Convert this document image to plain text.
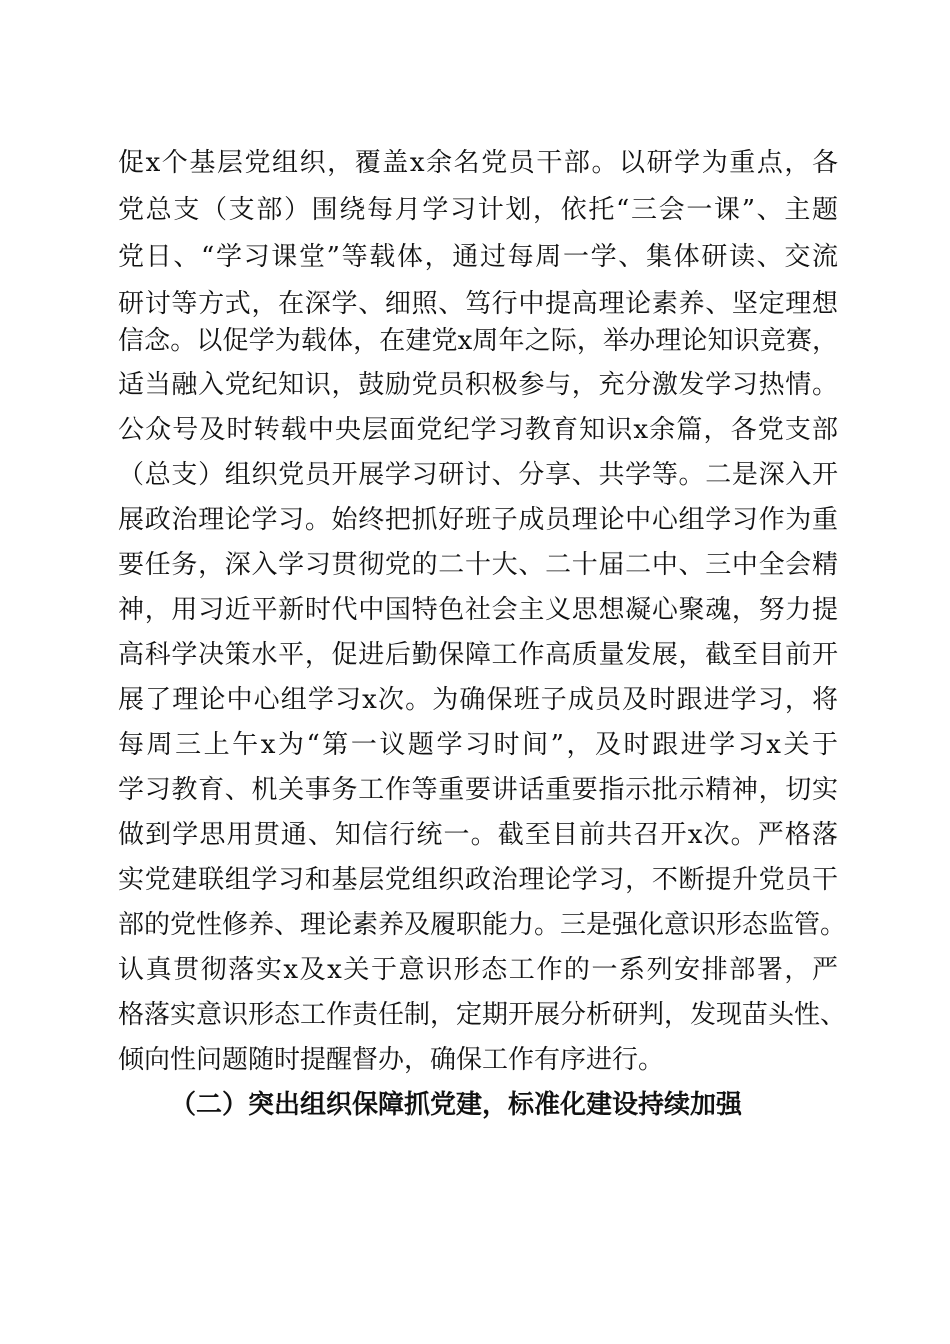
促x个基层党组织，覆盖x余名党员干部。以研学为重点，各
党总支（支部）围绕每月学习计划，依托“三会一课”、主题
党日、“学习课堂”等载体，通过每周一学、集体研读、交流
研讨等方式，在深学、细照、笃行中提高理论素养、坚定理想
信念。以促学为载体，在建党x周年之际，举办理论知识竞赛，
适当融入党纪知识，鼓励党员积极参与，充分激发学习热情。
公众号及时转载中央层面党纪学习教育知识x余篇，各党支部
（总支）组织党员开展学习研讨、分享、共学等。二是深入开
展政治理论学习。始终把抓好班子成员理论中心组学习作为重
要任务，深入学习贯彻党的二十大、二十届二中、三中全会精
神，用习近平新时代中国特色社会主义思想凝心聚魂，努力提
高科学决策水平，促进后勤保障工作高质量发展，截至目前开
展了理论中心组学习x次。为确保班子成员及时跟进学习，将
每周三上午x为“第一议题学习时间”，及时跟进学习x关于
学习教育、机关事务工作等重要讲话重要指示批示精神，切实
做到学思用贯通、知信行统一。截至目前共召开x次。严格落
实党建联组学习和基层党组织政治理论学习，不断提升党员干
部的党性修养、理论素养及履职能力。三是强化意识形态监管。
认真贯彻落实x及x关于意识形态工作的一系列安排部署，严
格落实意识形态工作责任制，定期开展分析研判，发现苗头性、
倾向性问题随时提醒督办，确保工作有序进行。
（二）突出组织保障抓党建，标准化建设持续加强
